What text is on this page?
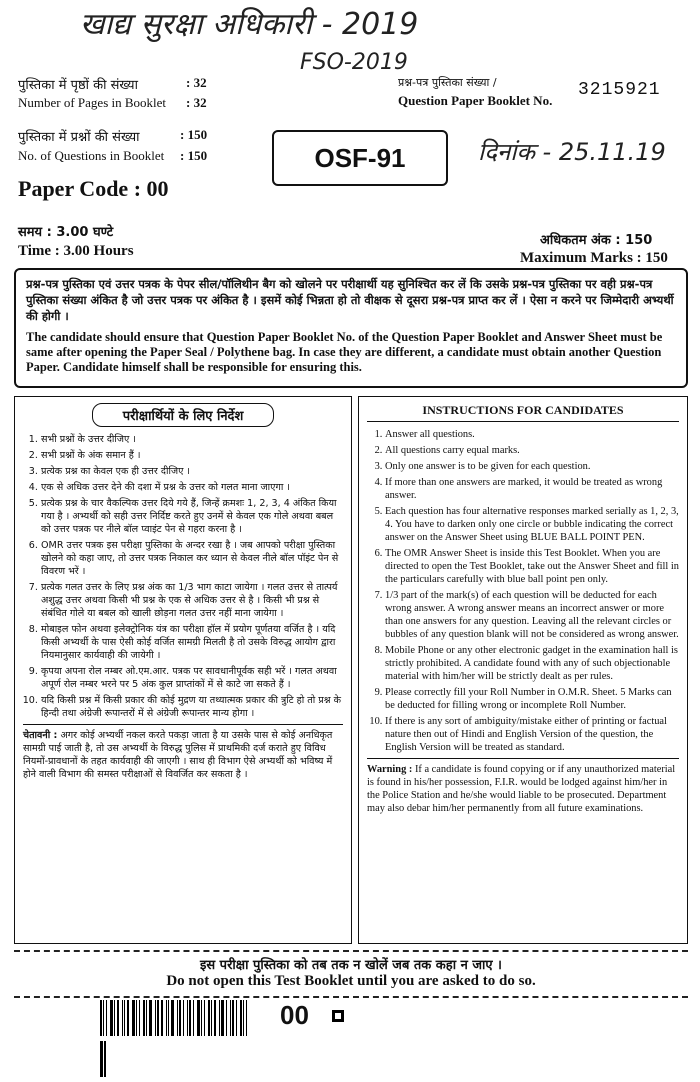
खाद्य सुरक्षा अधिकारी - 2019
FSO-2019
दिनांक - 25.11.19
पुस्तिका में पृष्ठों की संख्या	: 32
Number of Pages in Booklet : 32
पुस्तिका में प्रश्नों की संख्या	: 150
No. of Questions in Booklet : 150
प्रश्न-पत्र पुस्तिका संख्या /
Question Paper Booklet No.
3215921
OSF-91
Paper Code : 00
समय : 3.00 घण्टे
Time : 3.00 Hours
अधिकतम अंक : 150
Maximum Marks : 150
प्रश्न-पत्र पुस्तिका एवं उत्तर पत्रक के पेपर सील/पॉलिथीन बैग को खोलने पर परीक्षार्थी यह सुनिश्चित कर लें कि उसके प्रश्न-पत्र पुस्तिका पर वही प्रश्न-पत्र पुस्तिका संख्या अंकित है जो उत्तर पत्रक पर अंकित है । इसमें कोई भिन्नता हो तो वीक्षक से दूसरा प्रश्न-पत्र प्राप्त कर लें । ऐसा न करने पर जिम्मेदारी अभ्यर्थी की होगी ।
The candidate should ensure that Question Paper Booklet No. of the Question Paper Booklet and Answer Sheet must be same after opening the Paper Seal / Polythene bag. In case they are different, a candidate must obtain another Question Paper. Candidate himself shall be responsible for ensuring this.
परीक्षार्थियों के लिए निर्देश
1. सभी प्रश्नों के उत्तर दीजिए ।
2. सभी प्रश्नों के अंक समान हैं ।
3. प्रत्येक प्रश्न का केवल एक ही उत्तर दीजिए ।
4. एक से अधिक उत्तर देने की दशा में प्रश्न के उत्तर को गलत माना जाएगा ।
5. प्रत्येक प्रश्न के चार वैकल्पिक उत्तर दिये गये हैं, जिन्हें क्रमशः 1, 2, 3, 4 अंकित किया गया है । अभ्यर्थी को सही उत्तर निर्दिष्ट करते हुए उनमें से केवल एक गोले अथवा बबल को उत्तर पत्रक पर नीले बॉल प्वाइंट पेन से गहरा करना है ।
6. OMR उत्तर पत्रक इस परीक्षा पुस्तिका के अन्दर रखा है । जब आपको परीक्षा पुस्तिका खोलने को कहा जाए, तो उत्तर पत्रक निकाल कर ध्यान से केवल नीले बॉल पॉइंट पेन से विवरण भरें ।
7. प्रत्येक गलत उत्तर के लिए प्रश्न अंक का 1/3 भाग काटा जायेगा । गलत उत्तर से तात्पर्य अशुद्ध उत्तर अथवा किसी भी प्रश्न के एक से अधिक उत्तर से है । किसी भी प्रश्न से संबंधित गोले या बबल को खाली छोड़ना गलत उत्तर नहीं माना जायेगा ।
8. मोबाइल फोन अथवा इलेक्ट्रोनिक यंत्र का परीक्षा हॉल में प्रयोग पूर्णतया वर्जित है । यदि किसी अभ्यर्थी के पास ऐसी कोई वर्जित सामग्री मिलती है तो उसके विरुद्ध आयोग द्वारा नियमानुसार कार्यवाही की जायेगी ।
9. कृपया अपना रोल नम्बर ओ.एम.आर. पत्रक पर सावधानीपूर्वक सही भरें । गलत अथवा अपूर्ण रोल नम्बर भरने पर 5 अंक कुल प्राप्तांकों में से काटे जा सकते हैं ।
10. यदि किसी प्रश्न में किसी प्रकार की कोई मुद्रण या तथ्यात्मक प्रकार की त्रुटि हो तो प्रश्न के हिन्दी तथा अंग्रेजी रूपान्तरों में से अंग्रेजी रूपान्तर मान्य होगा ।
चेतावनी : अगर कोई अभ्यर्थी नकल करते पकड़ा जाता है या उसके पास से कोई अनधिकृत सामग्री पाई जाती है, तो उस अभ्यर्थी के विरुद्ध पुलिस में प्राथमिकी दर्ज कराते हुए विविध नियमों-प्रावधानों के तहत कार्यवाही की जाएगी । साथ ही विभाग ऐसे अभ्यर्थी को भविष्य में होने वाली विभाग की समस्त परीक्षाओं से विवर्जित कर सकता है ।
INSTRUCTIONS FOR CANDIDATES
1. Answer all questions.
2. All questions carry equal marks.
3. Only one answer is to be given for each question.
4. If more than one answers are marked, it would be treated as wrong answer.
5. Each question has four alternative responses marked serially as 1, 2, 3, 4. You have to darken only one circle or bubble indicating the correct answer on the Answer Sheet using BLUE BALL POINT PEN.
6. The OMR Answer Sheet is inside this Test Booklet. When you are directed to open the Test Booklet, take out the Answer Sheet and fill in the particulars carefully with blue ball point pen only.
7. 1/3 part of the mark(s) of each question will be deducted for each wrong answer. A wrong answer means an incorrect answer or more than one answers for any question. Leaving all the relevant circles or bubbles of any question blank will not be considered as wrong answer.
8. Mobile Phone or any other electronic gadget in the examination hall is strictly prohibited. A candidate found with any of such objectionable material with him/her will be strictly dealt as per rules.
9. Please correctly fill your Roll Number in O.M.R. Sheet. 5 Marks can be deducted for filling wrong or incomplete Roll Number.
10. If there is any sort of ambiguity/mistake either of printing or factual nature then out of Hindi and English Version of the question, the English Version will be treated as standard.
Warning : If a candidate is found copying or if any unauthorized material is found in his/her possession, F.I.R. would be lodged against him/her in the Police Station and he/she would liable to be prosecuted. Department may also debar him/her permanently from all future examinations.
इस परीक्षा पुस्तिका को तब तक न खोलें जब तक कहा न जाए ।
Do not open this Test Booklet until you are asked to do so.
00
